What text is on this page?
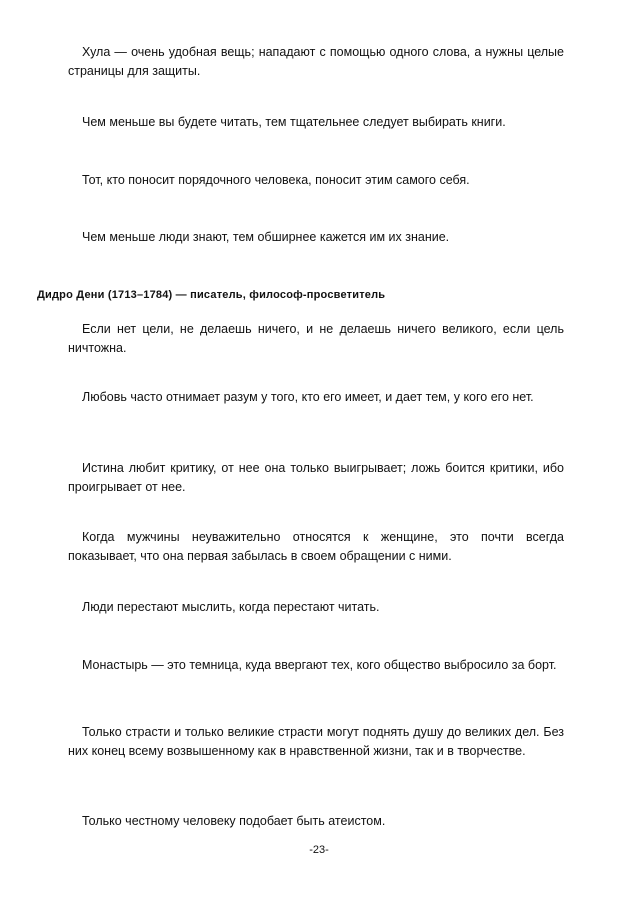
Хула — очень удобная вещь; нападают с помощью одного слова, а нужны целые страницы для защиты.

Чем меньше вы будете читать, тем тщательнее следует выбирать книги.

Тот, кто поносит порядочного человека, поносит этим самого себя.

Чем меньше люди знают, тем обширнее кажется им их знание.

Дидро Дени (1713–1784) — писатель, философ-просветитель

Если нет цели, не делаешь ничего, и не делаешь ничего великого, если цель ничтожна.

Любовь часто отнимает разум у того, кто его имеет, и дает тем, у кого его нет.

Истина любит критику, от нее она только выигрывает; ложь боится критики, ибо проигрывает от нее.

Когда мужчины неуважительно относятся к женщине, это почти всегда показывает, что она первая забылась в своем обращении с ними.

Люди перестают мыслить, когда перестают читать.

Монастырь — это темница, куда ввергают тех, кого общество выбросило за борт.

Только страсти и только великие страсти могут поднять душу до великих дел. Без них конец всему возвышенному как в нравственной жизни, так и в творчестве.

Только честному человеку подобает быть атеистом.

-23-
